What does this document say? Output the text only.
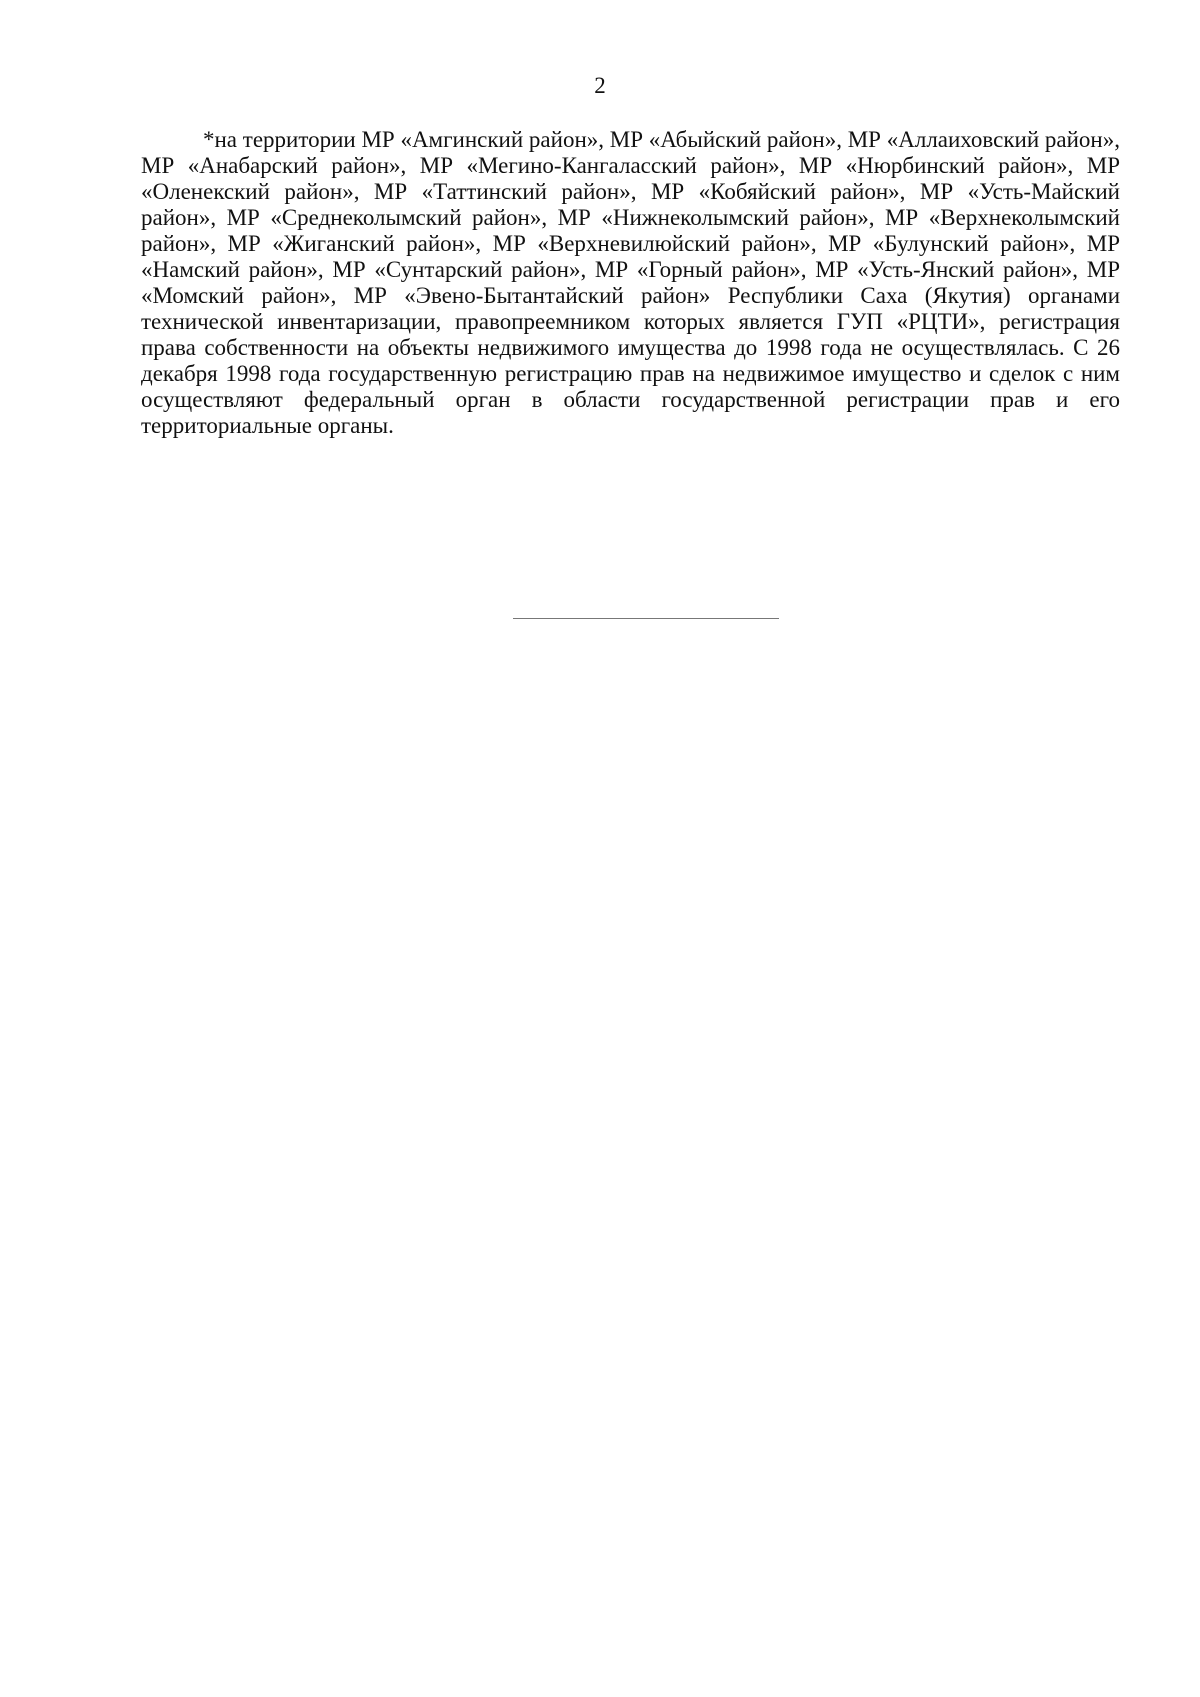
2

*на территории МР «Амгинский район», МР «Абыйский район», МР «Аллаиховский район», МР «Анабарский район», МР «Мегино-Кангаласский район», МР «Нюрбинский район», МР «Оленекский район», МР «Таттинский район», МР «Кобяйский район», МР «Усть-Майский район», МР «Среднеколымский район», МР «Нижнеколымский район», МР «Верхнеколымский район», МР «Жиганский район», МР «Верхневилюйский район», МР «Булунский район», МР «Намский район», МР «Сунтарский район», МР «Горный район», МР «Усть-Янский район», МР «Момский район», МР «Эвено-Бытантайский район» Республики Саха (Якутия) органами технической инвентаризации, правопреемником которых является ГУП «РЦТИ», регистрация права собственности на объекты недвижимого имущества до 1998 года не осуществлялась. С 26 декабря 1998 года государственную регистрацию прав на недвижимое имущество и сделок с ним осуществляют федеральный орган в области государственной регистрации прав и его территориальные органы.
